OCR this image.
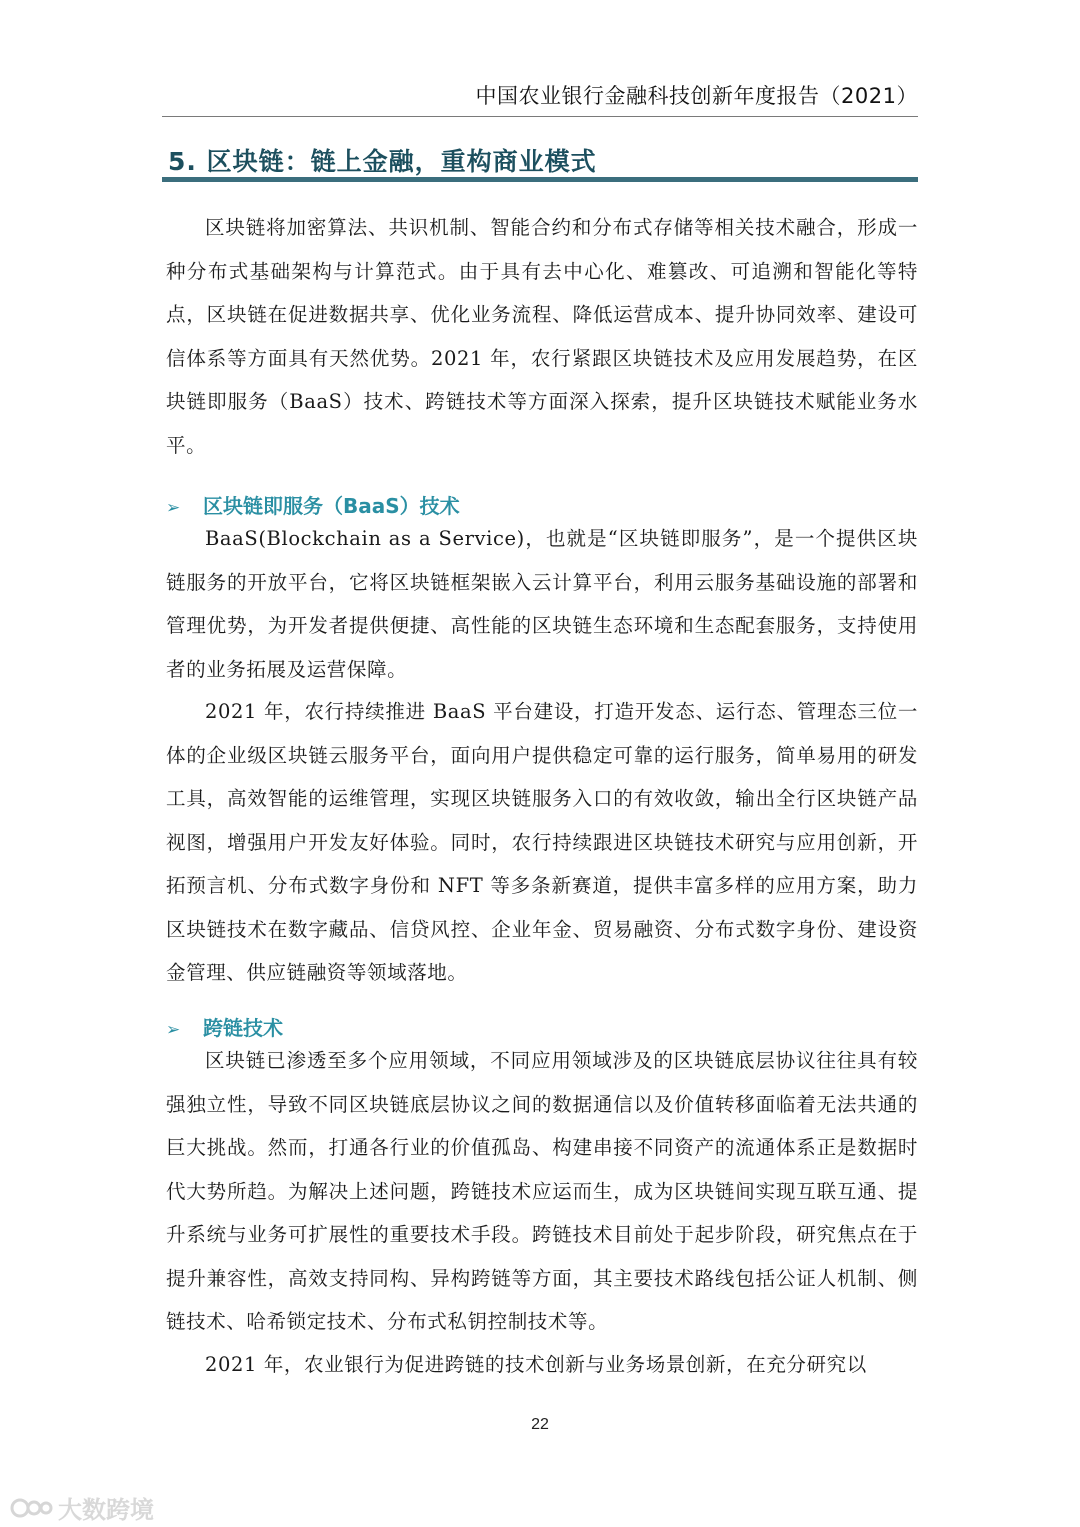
中国农业银行金融科技创新年度报告（2021）
5. 区块链：链上金融，重构商业模式

区块链将加密算法、共识机制、智能合约和分布式存储等相关技术融合，形成一种分布式基础架构与计算范式。由于具有去中心化、难篡改、可追溯和智能化等特点，区块链在促进数据共享、优化业务流程、降低运营成本、提升协同效率、建设可信体系等方面具有天然优势。2021 年，农行紧跟区块链技术及应用发展趋势，在区块链即服务（BaaS）技术、跨链技术等方面深入探索，提升区块链技术赋能业务水平。

➢ 区块链即服务（BaaS）技术

BaaS(Blockchain as a Service)，也就是“区块链即服务”，是一个提供区块链服务的开放平台，它将区块链框架嵌入云计算平台，利用云服务基础设施的部署和管理优势，为开发者提供便捷、高性能的区块链生态环境和生态配套服务，支持使用者的业务拓展及运营保障。

2021 年，农行持续推进 BaaS 平台建设，打造开发态、运行态、管理态三位一体的企业级区块链云服务平台，面向用户提供稳定可靠的运行服务，简单易用的研发工具，高效智能的运维管理，实现区块链服务入口的有效收敛，输出全行区块链产品视图，增强用户开发友好体验。同时，农行持续跟进区块链技术研究与应用创新，开拓预言机、分布式数字身份和 NFT 等多条新赛道，提供丰富多样的应用方案，助力区块链技术在数字藏品、信贷风控、企业年金、贸易融资、分布式数字身份、建设资金管理、供应链融资等领域落地。

➢ 跨链技术

区块链已渗透至多个应用领域，不同应用领域涉及的区块链底层协议往往具有较强独立性，导致不同区块链底层协议之间的数据通信以及价值转移面临着无法共通的巨大挑战。然而，打通各行业的价值孤岛、构建串接不同资产的流通体系正是数据时代大势所趋。为解决上述问题，跨链技术应运而生，成为区块链间实现互联互通、提升系统与业务可扩展性的重要技术手段。跨链技术目前处于起步阶段，研究焦点在于提升兼容性，高效支持同构、异构跨链等方面，其主要技术路线包括公证人机制、侧链技术、哈希锁定技术、分布式私钥控制技术等。

2021 年，农业银行为促进跨链的技术创新与业务场景创新，在充分研究以

22
大数跨境
